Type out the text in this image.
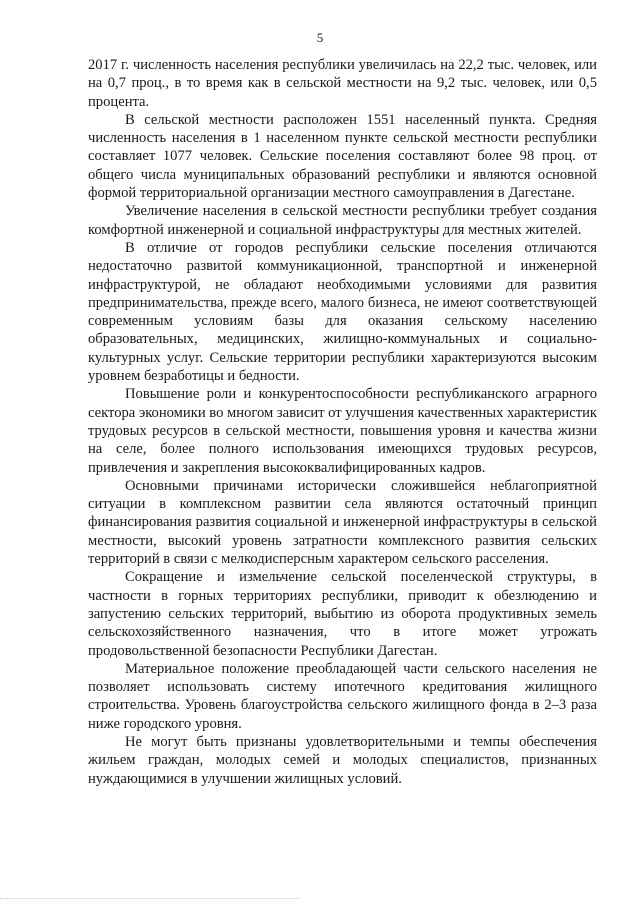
5

2017 г. численность населения республики увеличилась на 22,2 тыс. человек, или на 0,7 проц., в то время как в сельской местности на 9,2 тыс. человек, или 0,5 процента.

В сельской местности расположен 1551 населенный пункта. Средняя численность населения в 1 населенном пункте сельской местности республики составляет 1077 человек. Сельские поселения составляют более 98 проц. от общего числа муниципальных образований республики и являются основной формой территориальной организации местного самоуправления в Дагестане.

Увеличение населения в сельской местности республики требует создания комфортной инженерной и социальной инфраструктуры для местных жителей.

В отличие от городов республики сельские поселения отличаются недостаточно развитой коммуникационной, транспортной и инженерной инфраструктурой, не обладают необходимыми условиями для развития предпринимательства, прежде всего, малого бизнеса, не имеют соответствующей современным условиям базы для оказания сельскому населению образовательных, медицинских, жилищно-коммунальных и социально-культурных услуг. Сельские территории республики характеризуются высоким уровнем безработицы и бедности.

Повышение роли и конкурентоспособности республиканского аграрного сектора экономики во многом зависит от улучшения качественных характеристик трудовых ресурсов в сельской местности, повышения уровня и качества жизни на селе, более полного использования имеющихся трудовых ресурсов, привлечения и закрепления высококвалифицированных кадров.

Основными причинами исторически сложившейся неблагоприятной ситуации в комплексном развитии села являются остаточный принцип финансирования развития социальной и инженерной инфраструктуры в сельской местности, высокий уровень затратности комплексного развития сельских территорий в связи с мелкодисперсным характером сельского расселения.

Сокращение и измельчение сельской поселенческой структуры, в частности в горных территориях республики, приводит к обезлюдению и запустению сельских территорий, выбытию из оборота продуктивных земель сельскохозяйственного назначения, что в итоге может угрожать продовольственной безопасности Республики Дагестан.

Материальное положение преобладающей части сельского населения не позволяет использовать систему ипотечного кредитования жилищного строительства. Уровень благоустройства сельского жилищного фонда в 2–3 раза ниже городского уровня.

Не могут быть признаны удовлетворительными и темпы обеспечения жильем граждан, молодых семей и молодых специалистов, признанных нуждающимися в улучшении жилищных условий.
